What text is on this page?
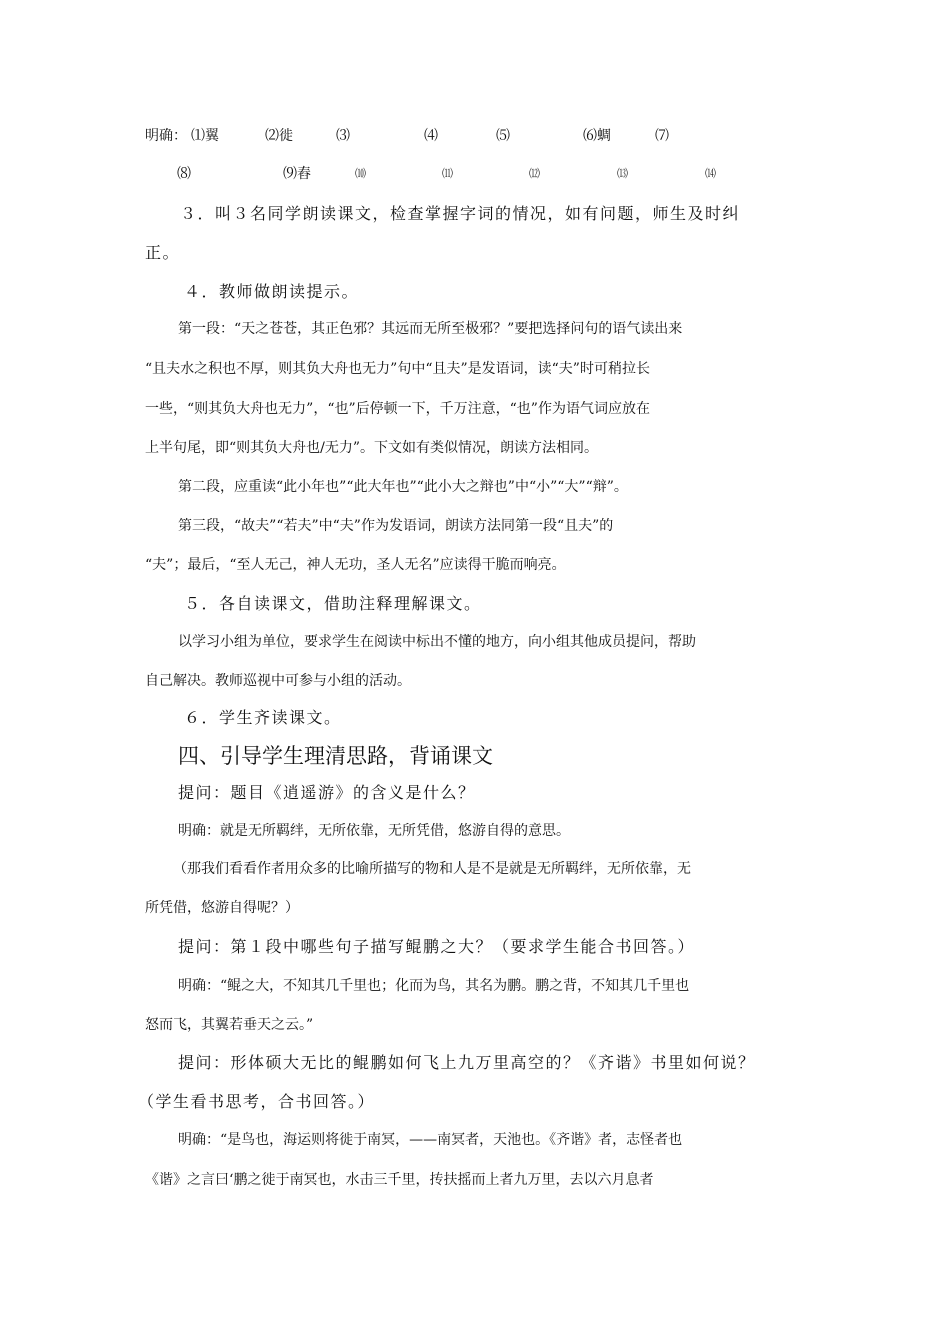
明确： ⑴翼	⑵徙	⑶	⑷	⑸	⑹蜩	⑺
⑻	⑼舂	⑽	⑾	⑿	⒀	⒁
３．叫３名同学朗读课文，检查掌握字词的情况，如有问题，师生及时纠
正。
４．教师做朗读提示。
第一段：“天之苍苍，其正色邪？其远而无所至极邪？”要把选择问句的语气读出来
“且夫水之积也不厚，则其负大舟也无力”句中“且夫”是发语词，读“夫”时可稍拉长
一些，“则其负大舟也无力”，“也”后停顿一下，千万注意，“也”作为语气词应放在
上半句尾，即“则其负大舟也/无力”。下文如有类似情况，朗读方法相同。
第二段，应重读“此小年也”“此大年也”“此小大之辩也”中“小”“大”“辩”。
第三段，“故夫”“若夫”中“夫”作为发语词，朗读方法同第一段“且夫”的
“夫”；最后，“至人无己，神人无功，圣人无名”应读得干脆而响亮。
５．各自读课文，借助注释理解课文。
以学习小组为单位，要求学生在阅读中标出不懂的地方，向小组其他成员提问，帮助
自己解决。教师巡视中可参与小组的活动。
６．学生齐读课文。
四、引导学生理清思路，背诵课文
提问：题目《逍遥游》的含义是什么？
明确：就是无所羁绊，无所依靠，无所凭借，悠游自得的意思。
（那我们看看作者用众多的比喻所描写的物和人是不是就是无所羁绊，无所依靠，无
所凭借，悠游自得呢？）
提问：第１段中哪些句子描写鲲鹏之大？（要求学生能合书回答。）
明确：“鲲之大，不知其几千里也；化而为鸟，其名为鹏。鹏之背，不知其几千里也
怒而飞，其翼若垂天之云。”
提问：形体硕大无比的鲲鹏如何飞上九万里高空的？《齐谐》书里如何说？
（学生看书思考，合书回答。）
明确：“是鸟也，海运则将徙于南冥，——南冥者，天池也。《齐谐》者，志怪者也
《谐》之言曰‘鹏之徙于南冥也，水击三千里，抟扶摇而上者九万里，去以六月息者
